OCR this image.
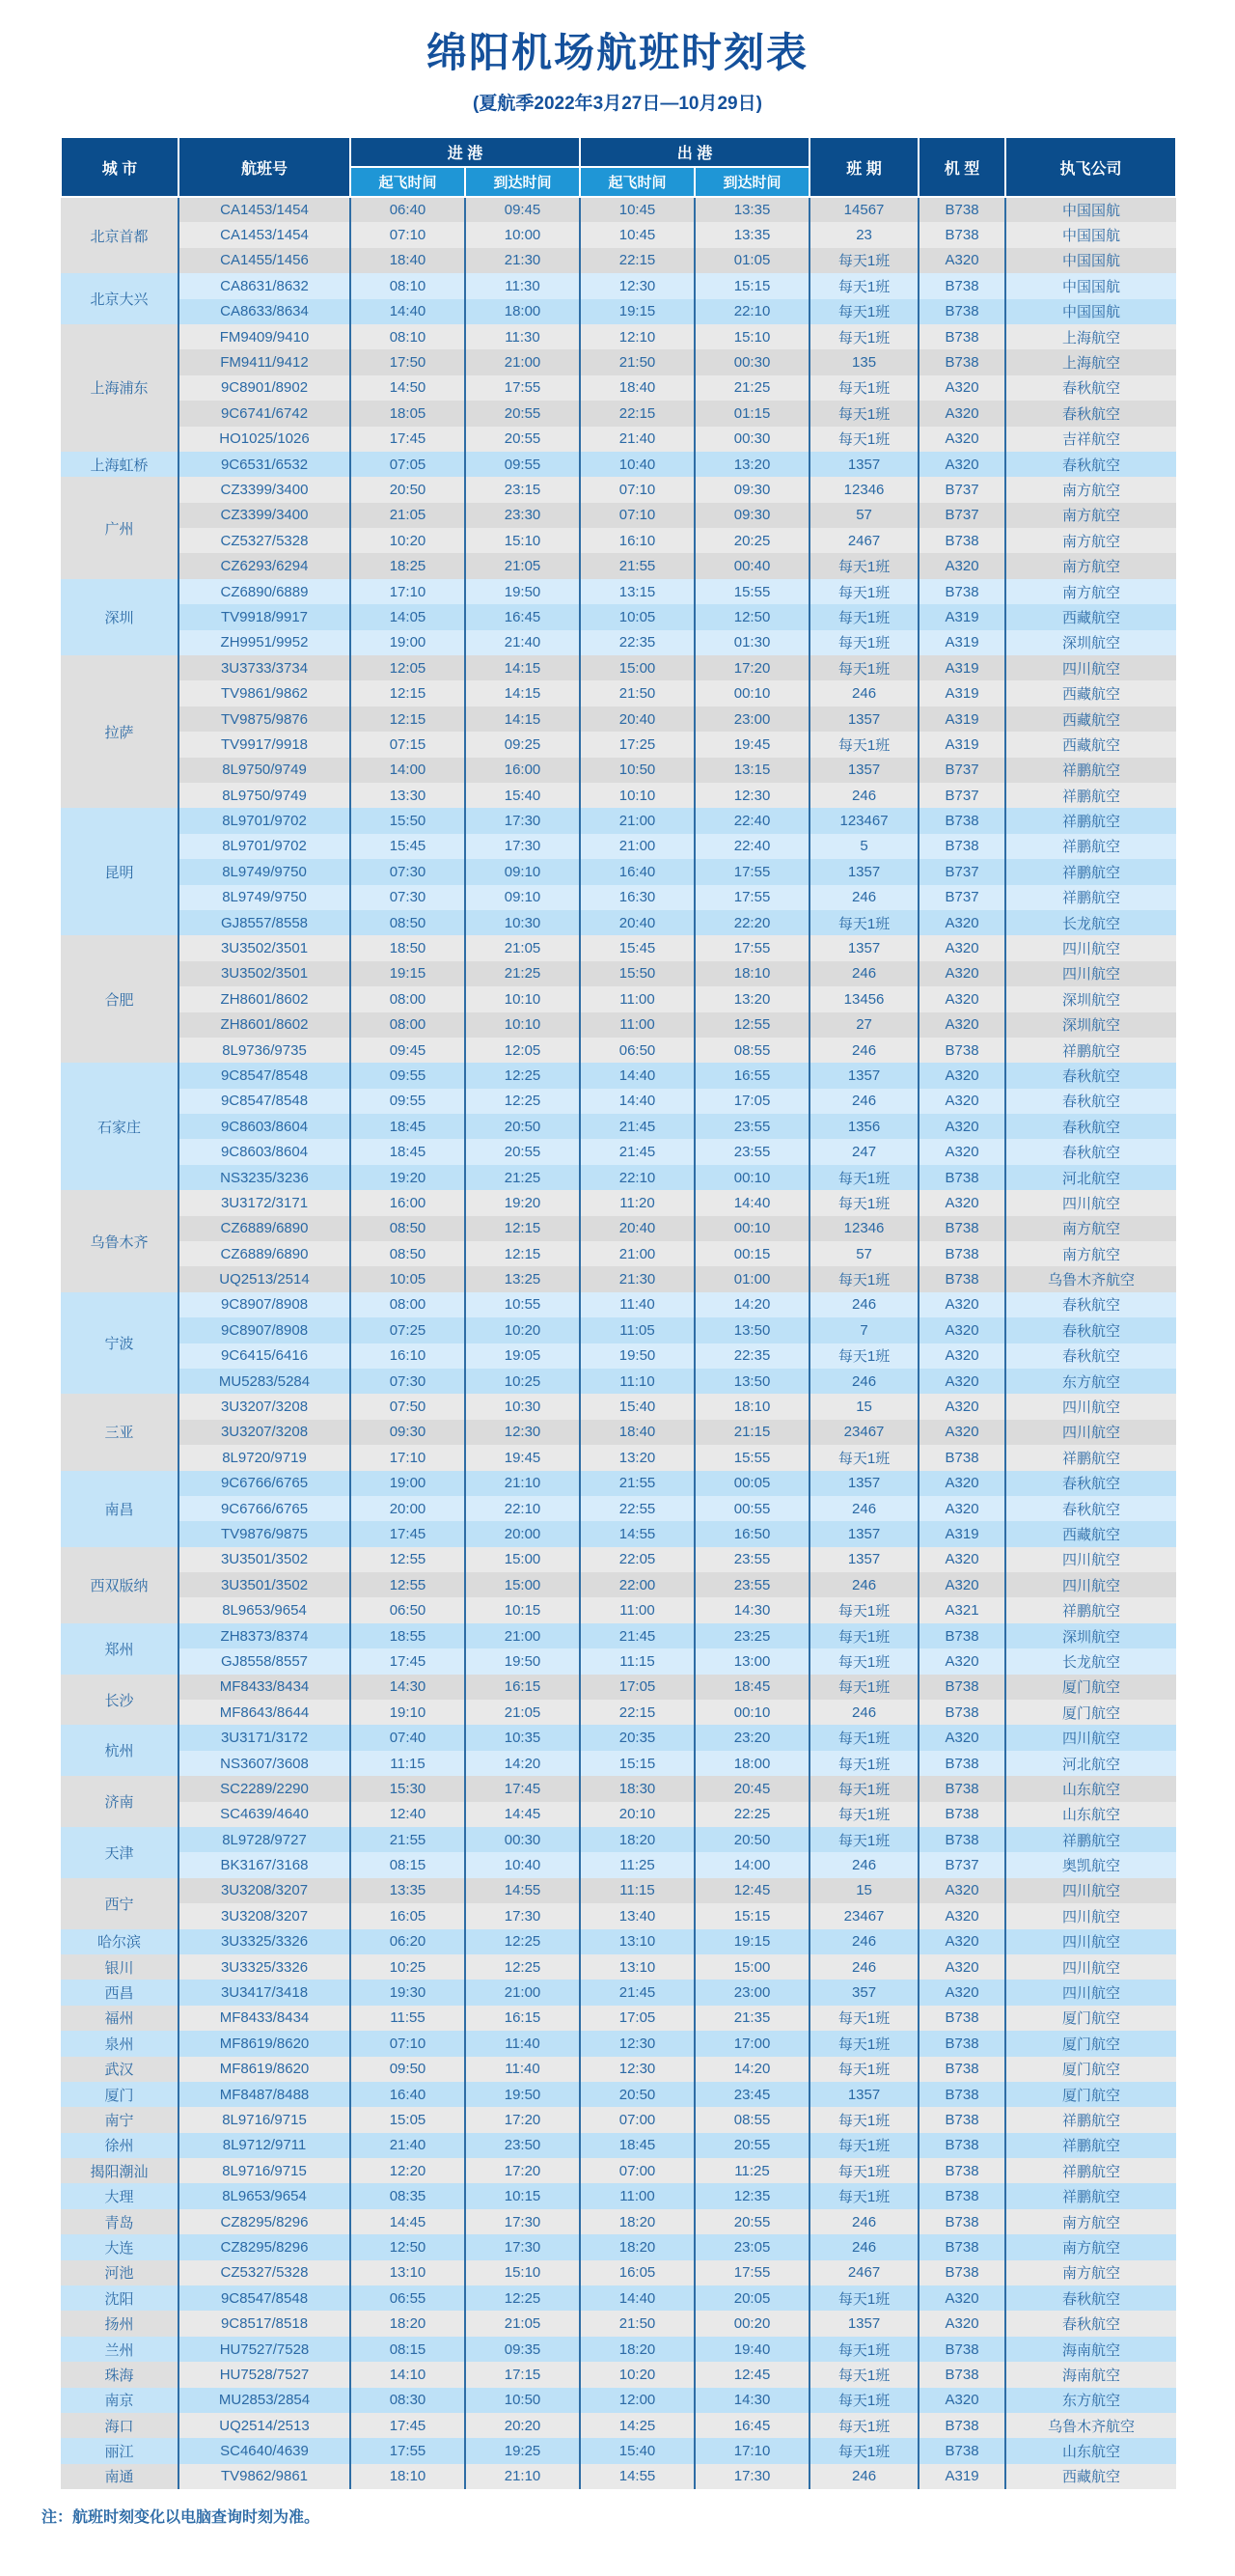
绵阳机场航班时刻表
(夏航季2022年3月27日—10月29日)
城 市	航班号	进 港		出 港		班 期	机 型	执飞公司
		起飞时间	到达时间	起飞时间	到达时间			
北京首都	CA1453/1454	06:40	09:45	10:45	13:35	14567	B738	中国国航
	CA1453/1454	07:10	10:00	10:45	13:35	23	B738	中国国航
	CA1455/1456	18:40	21:30	22:15	01:05	每天1班	A320	中国国航
北京大兴	CA8631/8632	08:10	11:30	12:30	15:15	每天1班	B738	中国国航
	CA8633/8634	14:40	18:00	19:15	22:10	每天1班	B738	中国国航
上海浦东	FM9409/9410	08:10	11:30	12:10	15:10	每天1班	B738	上海航空
	FM9411/9412	17:50	21:00	21:50	00:30	135	B738	上海航空
	9C8901/8902	14:50	17:55	18:40	21:25	每天1班	A320	春秋航空
	9C6741/6742	18:05	20:55	22:15	01:15	每天1班	A320	春秋航空
	HO1025/1026	17:45	20:55	21:40	00:30	每天1班	A320	吉祥航空
上海虹桥	9C6531/6532	07:05	09:55	10:40	13:20	1357	A320	春秋航空
广州	CZ3399/3400	20:50	23:15	07:10	09:30	12346	B737	南方航空
	CZ3399/3400	21:05	23:30	07:10	09:30	57	B737	南方航空
	CZ5327/5328	10:20	15:10	16:10	20:25	2467	B738	南方航空
	CZ6293/6294	18:25	21:05	21:55	00:40	每天1班	A320	南方航空
深圳	CZ6890/6889	17:10	19:50	13:15	15:55	每天1班	B738	南方航空
	TV9918/9917	14:05	16:45	10:05	12:50	每天1班	A319	西藏航空
	ZH9951/9952	19:00	21:40	22:35	01:30	每天1班	A319	深圳航空
拉萨	3U3733/3734	12:05	14:15	15:00	17:20	每天1班	A319	四川航空
	TV9861/9862	12:15	14:15	21:50	00:10	246	A319	西藏航空
	TV9875/9876	12:15	14:15	20:40	23:00	1357	A319	西藏航空
	TV9917/9918	07:15	09:25	17:25	19:45	每天1班	A319	西藏航空
	8L9750/9749	14:00	16:00	10:50	13:15	1357	B737	祥鹏航空
	8L9750/9749	13:30	15:40	10:10	12:30	246	B737	祥鹏航空
昆明	8L9701/9702	15:50	17:30	21:00	22:40	123467	B738	祥鹏航空
	8L9701/9702	15:45	17:30	21:00	22:40	5	B738	祥鹏航空
	8L9749/9750	07:30	09:10	16:40	17:55	1357	B737	祥鹏航空
	8L9749/9750	07:30	09:10	16:30	17:55	246	B737	祥鹏航空
	GJ8557/8558	08:50	10:30	20:40	22:20	每天1班	A320	长龙航空
合肥	3U3502/3501	18:50	21:05	15:45	17:55	1357	A320	四川航空
	3U3502/3501	19:15	21:25	15:50	18:10	246	A320	四川航空
	ZH8601/8602	08:00	10:10	11:00	13:20	13456	A320	深圳航空
	ZH8601/8602	08:00	10:10	11:00	12:55	27	A320	深圳航空
	8L9736/9735	09:45	12:05	06:50	08:55	246	B738	祥鹏航空
石家庄	9C8547/8548	09:55	12:25	14:40	16:55	1357	A320	春秋航空
	9C8547/8548	09:55	12:25	14:40	17:05	246	A320	春秋航空
	9C8603/8604	18:45	20:50	21:45	23:55	1356	A320	春秋航空
	9C8603/8604	18:45	20:55	21:45	23:55	247	A320	春秋航空
	NS3235/3236	19:20	21:25	22:10	00:10	每天1班	B738	河北航空
乌鲁木齐	3U3172/3171	16:00	19:20	11:20	14:40	每天1班	A320	四川航空
	CZ6889/6890	08:50	12:15	20:40	00:10	12346	B738	南方航空
	CZ6889/6890	08:50	12:15	21:00	00:15	57	B738	南方航空
	UQ2513/2514	10:05	13:25	21:30	01:00	每天1班	B738	乌鲁木齐航空
宁波	9C8907/8908	08:00	10:55	11:40	14:20	246	A320	春秋航空
	9C8907/8908	07:25	10:20	11:05	13:50	7	A320	春秋航空
	9C6415/6416	16:10	19:05	19:50	22:35	每天1班	A320	春秋航空
	MU5283/5284	07:30	10:25	11:10	13:50	246	A320	东方航空
三亚	3U3207/3208	07:50	10:30	15:40	18:10	15	A320	四川航空
	3U3207/3208	09:30	12:30	18:40	21:15	23467	A320	四川航空
	8L9720/9719	17:10	19:45	13:20	15:55	每天1班	B738	祥鹏航空
南昌	9C6766/6765	19:00	21:10	21:55	00:05	1357	A320	春秋航空
	9C6766/6765	20:00	22:10	22:55	00:55	246	A320	春秋航空
	TV9876/9875	17:45	20:00	14:55	16:50	1357	A319	西藏航空
西双版纳	3U3501/3502	12:55	15:00	22:05	23:55	1357	A320	四川航空
	3U3501/3502	12:55	15:00	22:00	23:55	246	A320	四川航空
	8L9653/9654	06:50	10:15	11:00	14:30	每天1班	A321	祥鹏航空
郑州	ZH8373/8374	18:55	21:00	21:45	23:25	每天1班	B738	深圳航空
	GJ8558/8557	17:45	19:50	11:15	13:00	每天1班	A320	长龙航空
长沙	MF8433/8434	14:30	16:15	17:05	18:45	每天1班	B738	厦门航空
	MF8643/8644	19:10	21:05	22:15	00:10	246	B738	厦门航空
杭州	3U3171/3172	07:40	10:35	20:35	23:20	每天1班	A320	四川航空
	NS3607/3608	11:15	14:20	15:15	18:00	每天1班	B738	河北航空
济南	SC2289/2290	15:30	17:45	18:30	20:45	每天1班	B738	山东航空
	SC4639/4640	12:40	14:45	20:10	22:25	每天1班	B738	山东航空
天津	8L9728/9727	21:55	00:30	18:20	20:50	每天1班	B738	祥鹏航空
	BK3167/3168	08:15	10:40	11:25	14:00	246	B737	奥凯航空
西宁	3U3208/3207	13:35	14:55	11:15	12:45	15	A320	四川航空
	3U3208/3207	16:05	17:30	13:40	15:15	23467	A320	四川航空
哈尔滨	3U3325/3326	06:20	12:25	13:10	19:15	246	A320	四川航空
银川	3U3325/3326	10:25	12:25	13:10	15:00	246	A320	四川航空
西昌	3U3417/3418	19:30	21:00	21:45	23:00	357	A320	四川航空
福州	MF8433/8434	11:55	16:15	17:05	21:35	每天1班	B738	厦门航空
泉州	MF8619/8620	07:10	11:40	12:30	17:00	每天1班	B738	厦门航空
武汉	MF8619/8620	09:50	11:40	12:30	14:20	每天1班	B738	厦门航空
厦门	MF8487/8488	16:40	19:50	20:50	23:45	1357	B738	厦门航空
南宁	8L9716/9715	15:05	17:20	07:00	08:55	每天1班	B738	祥鹏航空
徐州	8L9712/9711	21:40	23:50	18:45	20:55	每天1班	B738	祥鹏航空
揭阳潮汕	8L9716/9715	12:20	17:20	07:00	11:25	每天1班	B738	祥鹏航空
大理	8L9653/9654	08:35	10:15	11:00	12:35	每天1班	B738	祥鹏航空
青岛	CZ8295/8296	14:45	17:30	18:20	20:55	246	B738	南方航空
大连	CZ8295/8296	12:50	17:30	18:20	23:05	246	B738	南方航空
河池	CZ5327/5328	13:10	15:10	16:05	17:55	2467	B738	南方航空
沈阳	9C8547/8548	06:55	12:25	14:40	20:05	每天1班	A320	春秋航空
扬州	9C8517/8518	18:20	21:05	21:50	00:20	1357	A320	春秋航空
兰州	HU7527/7528	08:15	09:35	18:20	19:40	每天1班	B738	海南航空
珠海	HU7528/7527	14:10	17:15	10:20	12:45	每天1班	B738	海南航空
南京	MU2853/2854	08:30	10:50	12:00	14:30	每天1班	A320	东方航空
海口	UQ2514/2513	17:45	20:20	14:25	16:45	每天1班	B738	乌鲁木齐航空
丽江	SC4640/4639	17:55	19:25	15:40	17:10	每天1班	B738	山东航空
南通	TV9862/9861	18:10	21:10	14:55	17:30	246	A319	西藏航空
注：航班时刻变化以电脑查询时刻为准。
